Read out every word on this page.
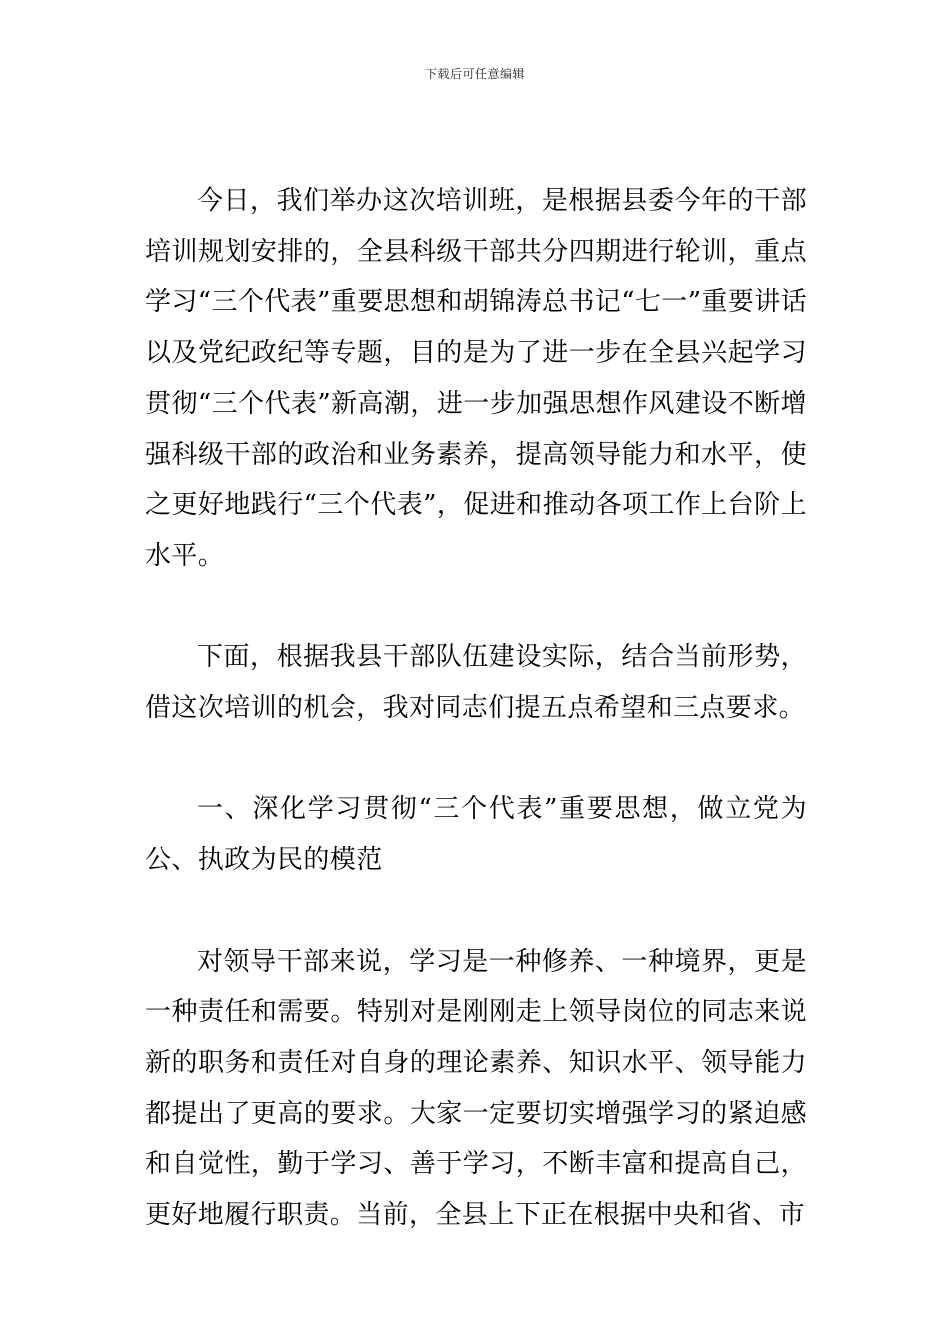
下载后可任意编辑

今日，我们举办这次培训班，是根据县委今年的干部培训规划安排的，全县科级干部共分四期进行轮训，重点学习“三个代表”重要思想和胡锦涛总书记“七一”重要讲话以及党纪政纪等专题，目的是为了进一步在全县兴起学习贯彻“三个代表”新高潮，进一步加强思想作风建设不断增强科级干部的政治和业务素养，提高领导能力和水平，使之更好地践行“三个代表”，促进和推动各项工作上台阶上水平。

下面，根据我县干部队伍建设实际，结合当前形势，借这次培训的机会，我对同志们提五点希望和三点要求。

一、深化学习贯彻“三个代表”重要思想，做立党为公、执政为民的模范

对领导干部来说，学习是一种修养、一种境界，更是一种责任和需要。特别对是刚刚走上领导岗位的同志来说新的职务和责任对自身的理论素养、知识水平、领导能力都提出了更高的要求。大家一定要切实增强学习的紧迫感和自觉性，勤于学习、善于学习，不断丰富和提高自己，更好地履行职责。当前，全县上下正在根据中央和省、市
